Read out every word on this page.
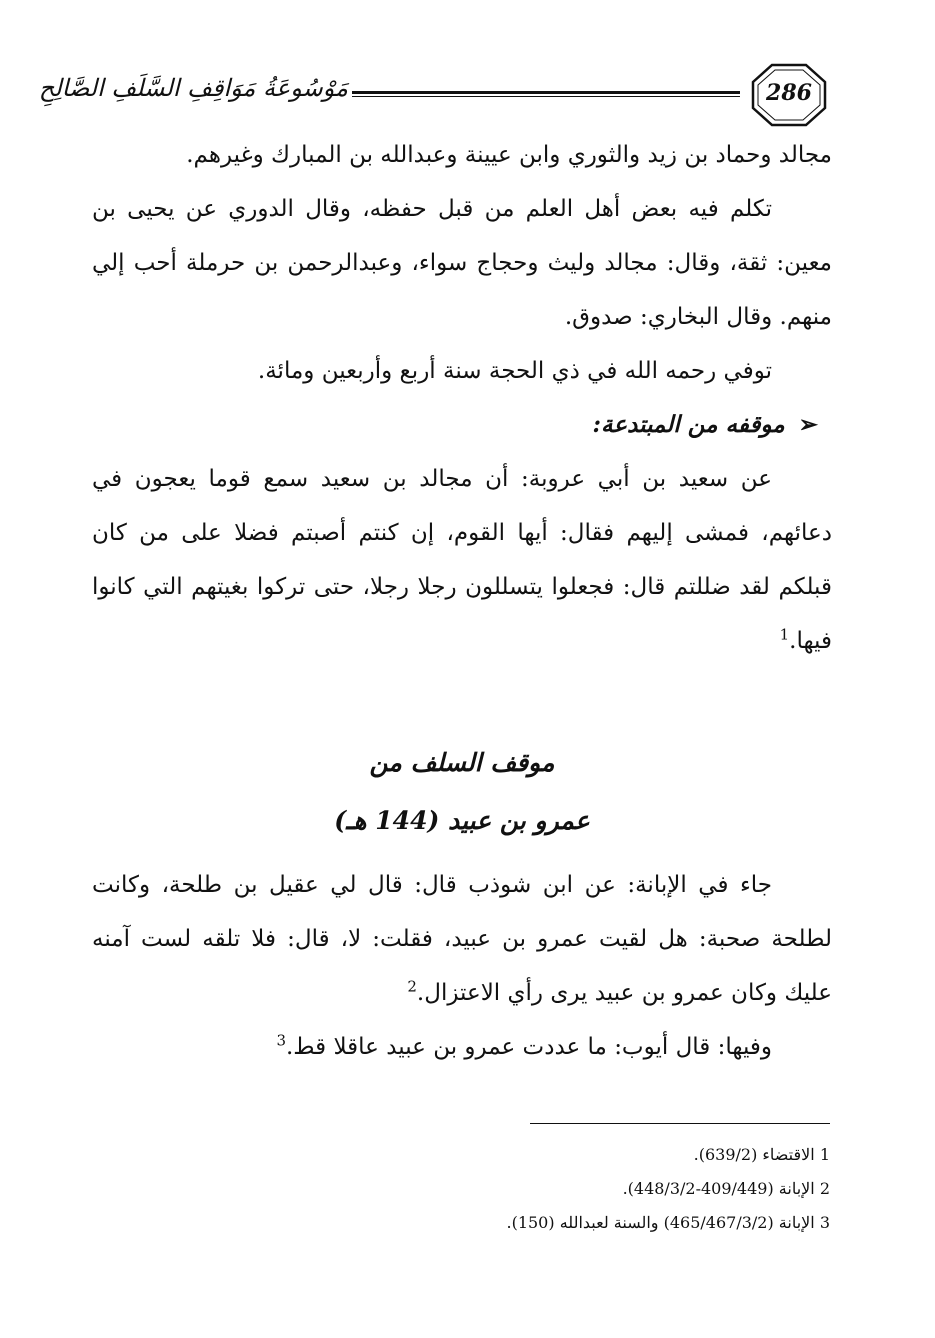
مَوْسُوعَةُ مَوَاقِفِ السَّلَفِ الصَّالِحِ	286

مجالد وحماد بن زيد والثوري وابن عيينة وعبدالله بن المبارك وغيرهم.

تكلم فيه بعض أهل العلم من قبل حفظه، وقال الدوري عن يحيى بن معين: ثقة، وقال: مجالد وليث وحجاج سواء، وعبدالرحمن بن حرملة أحب إلي منهم. وقال البخاري: صدوق.

توفي رحمه الله في ذي الحجة سنة أربع وأربعين ومائة.

➢موقفه من المبتدعة:

عن سعيد بن أبي عروبة: أن مجالد بن سعيد سمع قوما يعجون في دعائهم، فمشى إليهم فقال: أيها القوم، إن كنتم أصبتم فضلا على من كان قبلكم لقد ضللتم قال: فجعلوا يتسللون رجلا رجلا، حتى تركوا بغيتهم التي كانوا فيها.$^1$

موقف السلف من
عمرو بن عبيد (144 هـ)

جاء في الإبانة: عن ابن شوذب قال: قال لي عقيل بن طلحة، وكانت لطلحة صحبة: هل لقيت عمرو بن عبيد، فقلت: لا، قال: فلا تلقه لست آمنه عليك وكان عمرو بن عبيد يرى رأي الاعتزال.$^2$

وفيها: قال أيوب: ما عددت عمرو بن عبيد عاقلا قط.$^3$

1 الاقتضاء (639/2).

2 الإبانة (409/449-448/3/2).

3 الإبانة (465/467/3/2) والسنة لعبدالله (150).
